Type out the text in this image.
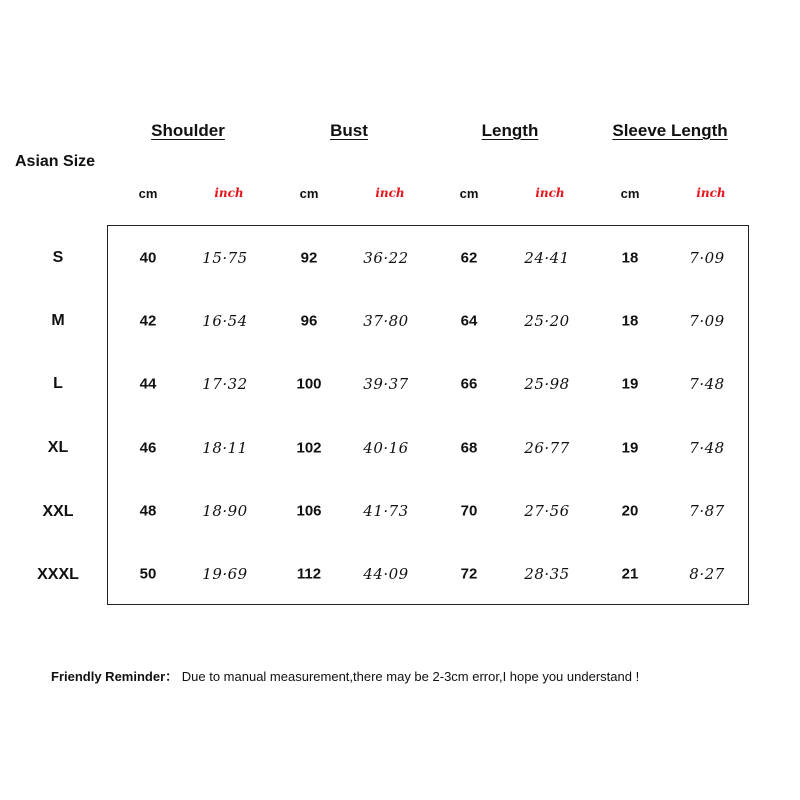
Asian Size
Shoulder	Bust	Length	Sleeve Length
cm	inch	cm	inch	cm	inch	cm	inch
S	40	15·75	92	36·22	62	24·41	18	7·09
M	42	16·54	96	37·80	64	25·20	18	7·09
L	44	17·32	100	39·37	66	25·98	19	7·48
XL	46	18·11	102	40·16	68	26·77	19	7·48
XXL	48	18·90	106	41·73	70	27·56	20	7·87
XXXL	50	19·69	112	44·09	72	28·35	21	8·27
Friendly Reminder： Due to manual measurement,there may be 2-3cm error,I hope you understand !
